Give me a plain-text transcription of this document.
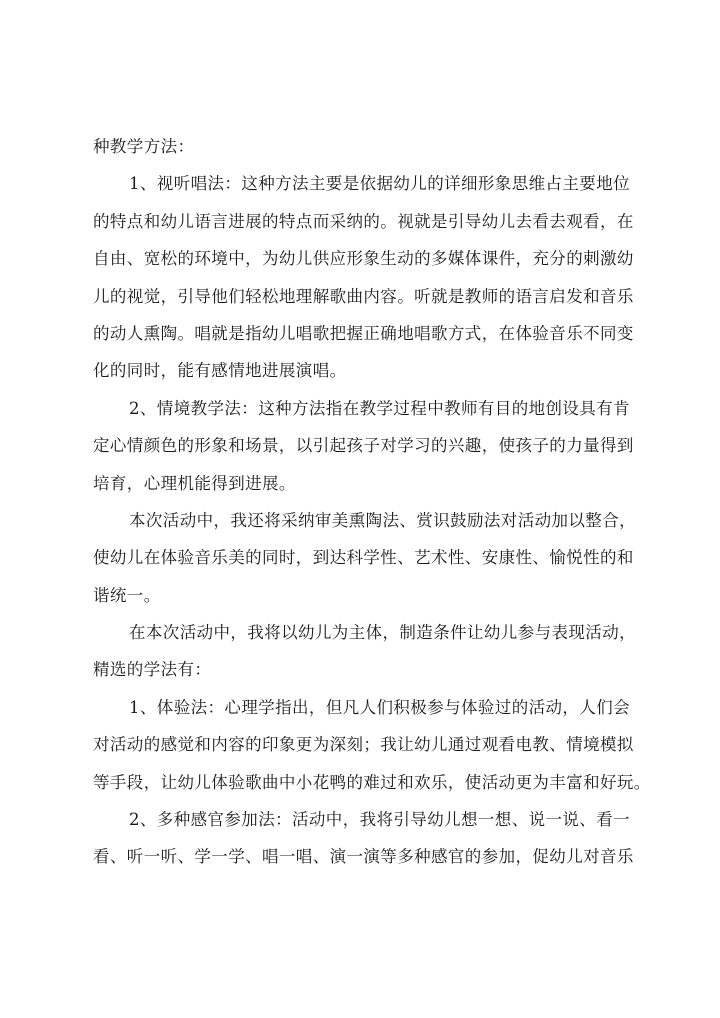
种教学方法：
1、视听唱法：这种方法主要是依据幼儿的详细形象思维占主要地位
的特点和幼儿语言进展的特点而采纳的。视就是引导幼儿去看去观看，在
自由、宽松的环境中，为幼儿供应形象生动的多媒体课件，充分的刺激幼
儿的视觉，引导他们轻松地理解歌曲内容。听就是教师的语言启发和音乐
的动人熏陶。唱就是指幼儿唱歌把握正确地唱歌方式，在体验音乐不同变
化的同时，能有感情地进展演唱。
2、情境教学法：这种方法指在教学过程中教师有目的地创设具有肯
定心情颜色的形象和场景，以引起孩子对学习的兴趣，使孩子的力量得到
培育，心理机能得到进展。
本次活动中，我还将采纳审美熏陶法、赏识鼓励法对活动加以整合，
使幼儿在体验音乐美的同时，到达科学性、艺术性、安康性、愉悦性的和
谐统一。
在本次活动中，我将以幼儿为主体，制造条件让幼儿参与表现活动，
精选的学法有：
1、体验法：心理学指出，但凡人们积极参与体验过的活动，人们会
对活动的感觉和内容的印象更为深刻；我让幼儿通过观看电教、情境模拟
等手段，让幼儿体验歌曲中小花鸭的难过和欢乐，使活动更为丰富和好玩。
2、多种感官参加法：活动中，我将引导幼儿想一想、说一说、看一
看、听一听、学一学、唱一唱、演一演等多种感官的参加，促幼儿对音乐
